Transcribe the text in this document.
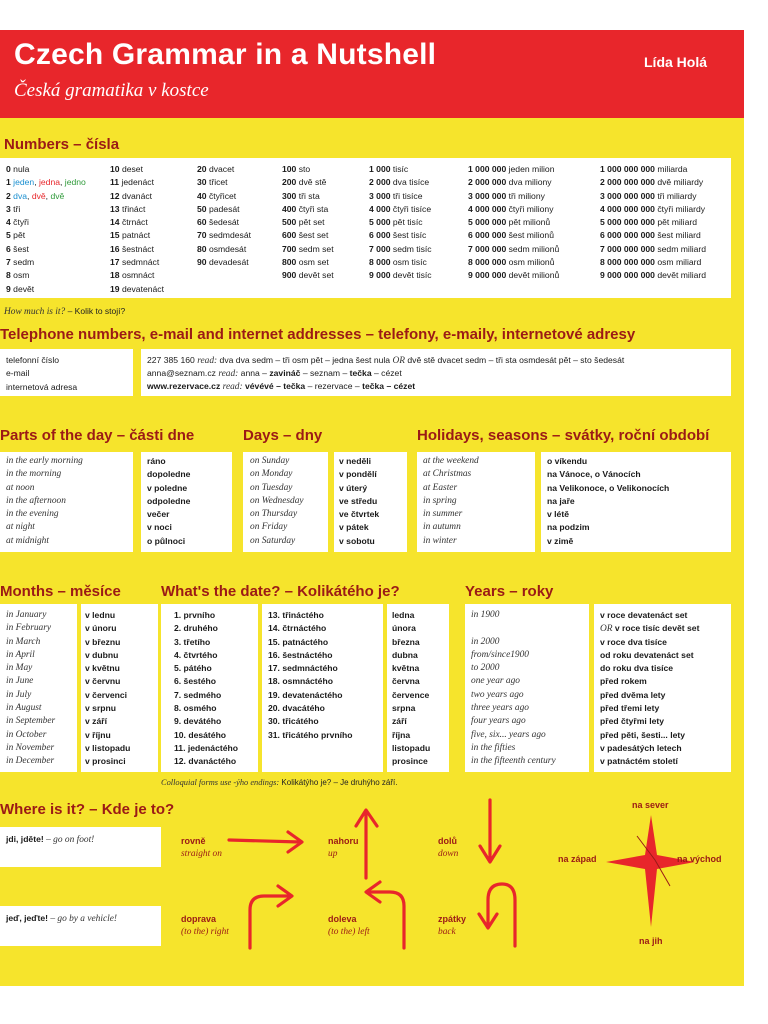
Czech Grammar in a Nutshell
Česká gramatika v kostce
Lída Holá
Numbers – čísla
0 nula
1 jeden, jedna, jedno
2 dva, dvě, dvě
3 tři
4 čtyři
5 pět
6 šest
7 sedm
8 osm
9 devět
10 deset
11 jedenáct
12 dvanáct
13 třináct
14 čtrnáct
15 patnáct
16 šestnáct
17 sedmnáct
18 osmnáct
19 devatenáct
20 dvacet
30 třicet
40 čtyřicet
50 padesát
60 šedesát
70 sedmdesát
80 osmdesát
90 devadesát
100 sto
200 dvě stě
300 tři sta
400 čtyři sta
500 pět set
600 šest set
700 sedm set
800 osm set
900 devět set
1 000 tisíc
2 000 dva tisíce
3 000 tři tisíce
4 000 čtyři tisíce
5 000 pět tisíc
6 000 šest tisíc
7 000 sedm tisíc
8 000 osm tisíc
9 000 devět tisíc
1 000 000 jeden milion
2 000 000 dva miliony
3 000 000 tři miliony
4 000 000 čtyři miliony
5 000 000 pět milionů
6 000 000 šest milionů
7 000 000 sedm milionů
8 000 000 osm milionů
9 000 000 devět milionů
1 000 000 000 miliarda
2 000 000 000 dvě miliardy
3 000 000 000 tři miliardy
4 000 000 000 čtyři miliardy
5 000 000 000 pět miliard
6 000 000 000 šest miliard
7 000 000 000 sedm miliard
8 000 000 000 osm miliard
9 000 000 000 devět miliard
How much is it? – Kolik to stojí?
Telephone numbers, e-mail and internet addresses – telefony, e-maily, internetové adresy
telefonní číslo
e-mail
internetová adresa
227 385 160 read: dva dva sedm – tři osm pět – jedna šest nula OR dvě stě dvacet sedm – tři sta osmdesát pět – sto šedesát
anna@seznam.cz read: anna – zavináč – seznam – tečka – cézet
www.rezervace.cz read: vévévé – tečka – rezervace – tečka – cézet
Parts of the day – části dne
in the early morning
in the morning
at noon
in the afternoon
in the evening
at night
at midnight
ráno
dopoledne
v poledne
odpoledne
večer
v noci
o půlnoci
Days – dny
on Sunday
on Monday
on Tuesday
on Wednesday
on Thursday
on Friday
on Saturday
v neděli
v pondělí
v úterý
ve středu
ve čtvrtek
v pátek
v sobotu
Holidays, seasons – svátky, roční období
at the weekend
at Christmas
at Easter
in spring
in summer
in autumn
in winter
o víkendu
na Vánoce, o Vánocích
na Velikonoce, o Velikonocích
na jaře
v létě
na podzim
v zimě
Months – měsíce
in January
in February
in March
in April
in May
in June
in July
in August
in September
in October
in November
in December
v lednu
v únoru
v březnu
v dubnu
v květnu
v červnu
v červenci
v srpnu
v září
v říjnu
v listopadu
v prosinci
What's the date? – Kolikátého je?
1. prvního
2. druhého
3. třetího
4. čtvrtého
5. pátého
6. šestého
7. sedmého
8. osmého
9. devátého
10. desátého
11. jedenáctého
12. dvanáctého
13. třináctého
14. čtrnáctého
15. patnáctého
16. šestnáctého
17. sedmnáctého
18. osmnáctého
19. devatenáctého
20. dvacátého
30. třicátého
31. třicátého prvního
ledna
února
března
dubna
května
června
července
srpna
září
října
listopadu
prosince
Colloquial forms use -ýho endings: Kolikátýho je? – Je druhýho září.
Years – roky
in 1900
in 2000
from/since1900
to 2000
one year ago
two years ago
three years ago
four years ago
five, six... years ago
in the fifties
in the fifteenth century
v roce devatenáct set
OR v roce tisíc devět set
v roce dva tisíce
od roku devatenáct set
do roku dva tisíce
před rokem
před dvěma lety
před třemi lety
před čtyřmi lety
před pěti, šesti... lety
v padesátých letech
v patnáctém století
Where is it? – Kde je to?
jdi, jděte! – go on foot!
jeď, jeďte! – go by a vehicle!
rovně
straight on
nahoru
up
dolů
down
doprava
(to the) right
doleva
(to the) left
zpátky
back
na sever
na západ	na východ
na jih
